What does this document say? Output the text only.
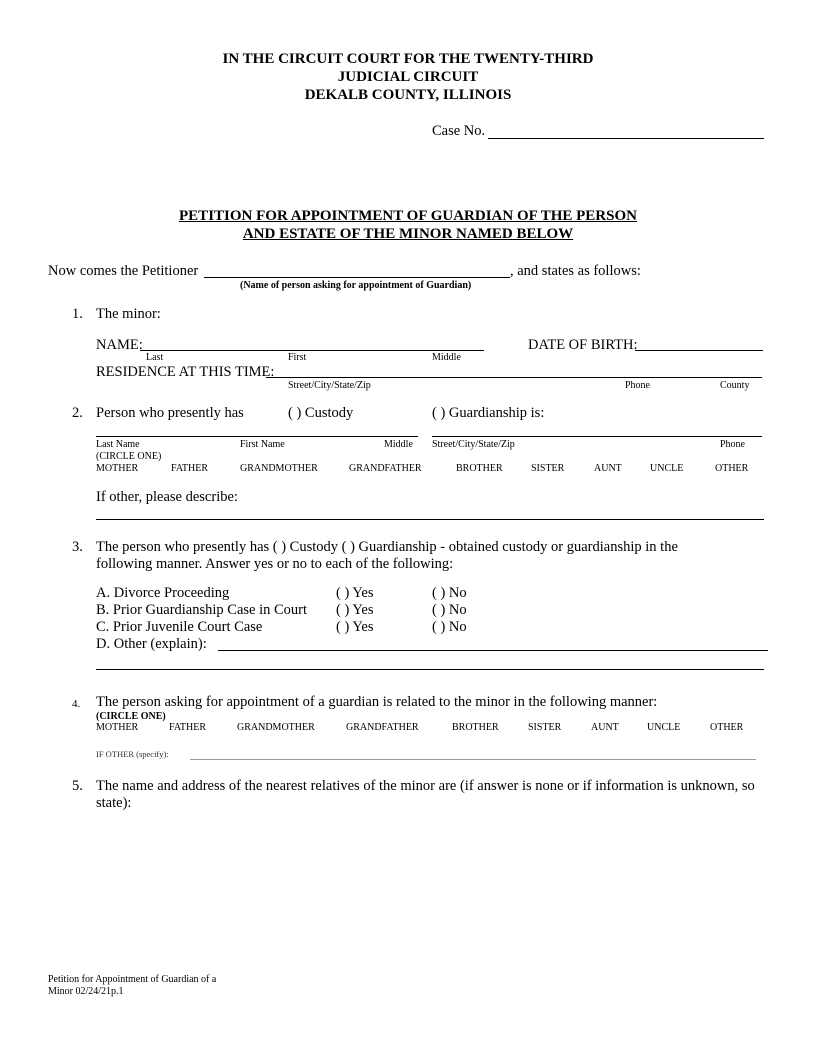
IN THE CIRCUIT COURT FOR THE TWENTY-THIRD
JUDICIAL CIRCUIT
DEKALB COUNTY, ILLINOIS
Case No.
PETITION FOR APPOINTMENT OF GUARDIAN OF THE PERSON
AND ESTATE OF THE MINOR NAMED BELOW
Now comes the Petitioner	, and states as follows:
(Name of person asking for appointment of Guardian)
1. The minor:
NAME:	DATE OF BIRTH:
Last	First	Middle
RESIDENCE AT THIS TIME:
Street/City/State/Zip	Phone	County
2. Person who presently has	( ) Custody	( ) Guardianship is:
Last Name	First Name	Middle Street/City/State/Zip	Phone
(CIRCLE ONE)
MOTHER	FATHER	GRANDMOTHER	GRANDFATHER	BROTHER	SISTER	AUNT	UNCLE	OTHER
If other, please describe:
3. The person who presently has ( ) Custody ( ) Guardianship - obtained custody or guardianship in the
following manner. Answer yes or no to each of the following:
A. Divorce Proceeding	( ) Yes	( ) No
B. Prior Guardianship Case in Court ( ) Yes	( ) No
C. Prior Juvenile Court Case	( ) Yes	( ) No
D. Other (explain):
4. The person asking for appointment of a guardian is related to the minor in the following manner:
(CIRCLE ONE)
MOTHER	FATHER	GRANDMOTHER	GRANDFATHER	BROTHER	SISTER	AUNT	UNCLE	OTHER
IF OTHER (specify):
5. The name and address of the nearest relatives of the minor are (if answer is none or if information is unknown, so
state):
Petition for Appointment of Guardian of a
Minor 02/24/21p.1
